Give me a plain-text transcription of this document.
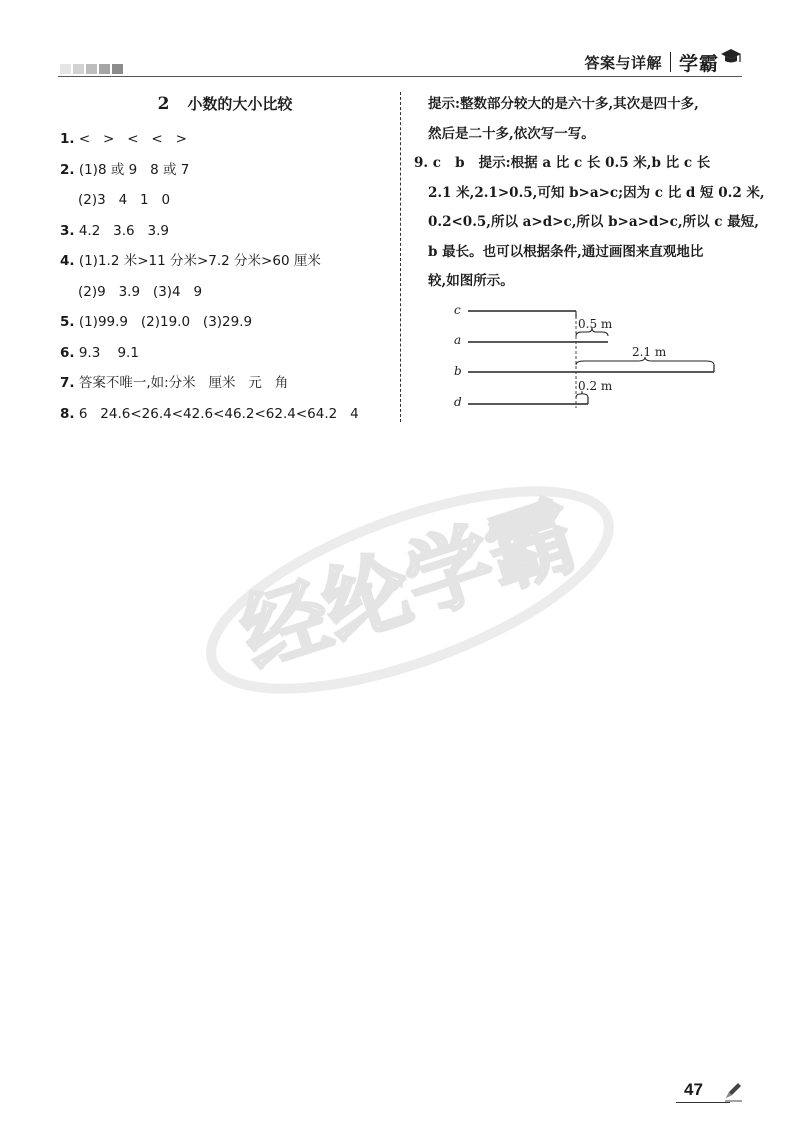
答案与详解 学霸
2 小数的大小比较
1. <   >   <   <   >
2. (1)8 或 9   8 或 7
(2)3   4   1   0
3. 4.2   3.6   3.9
4. (1)1.2 米>11 分米>7.2 分米>60 厘米
(2)9   3.9   (3)4   9
5. (1)99.9   (2)19.0   (3)29.9
6. 9.3    9.1
7. 答案不唯一,如:分米   厘米   元   角
8. 6   24.6<26.4<42.6<46.2<62.4<64.2   4
提示:整数部分较大的是六十多,其次是四十多,
然后是二十多,依次写一写。
9. c   b   提示:根据 a 比 c 长 0.5 米,b 比 c 长
2.1 米,2.1>0.5,可知 b>a>c;因为 c 比 d 短 0.2 米,
0.2<0.5,所以 a>d>c,所以 b>a>d>c,所以 c 最短,
b 最长。也可以根据条件,通过画图来直观地比
较,如图所示。
c
a
b
d
0.5 m
2.1 m
0.2 m
经纶学霸
47
